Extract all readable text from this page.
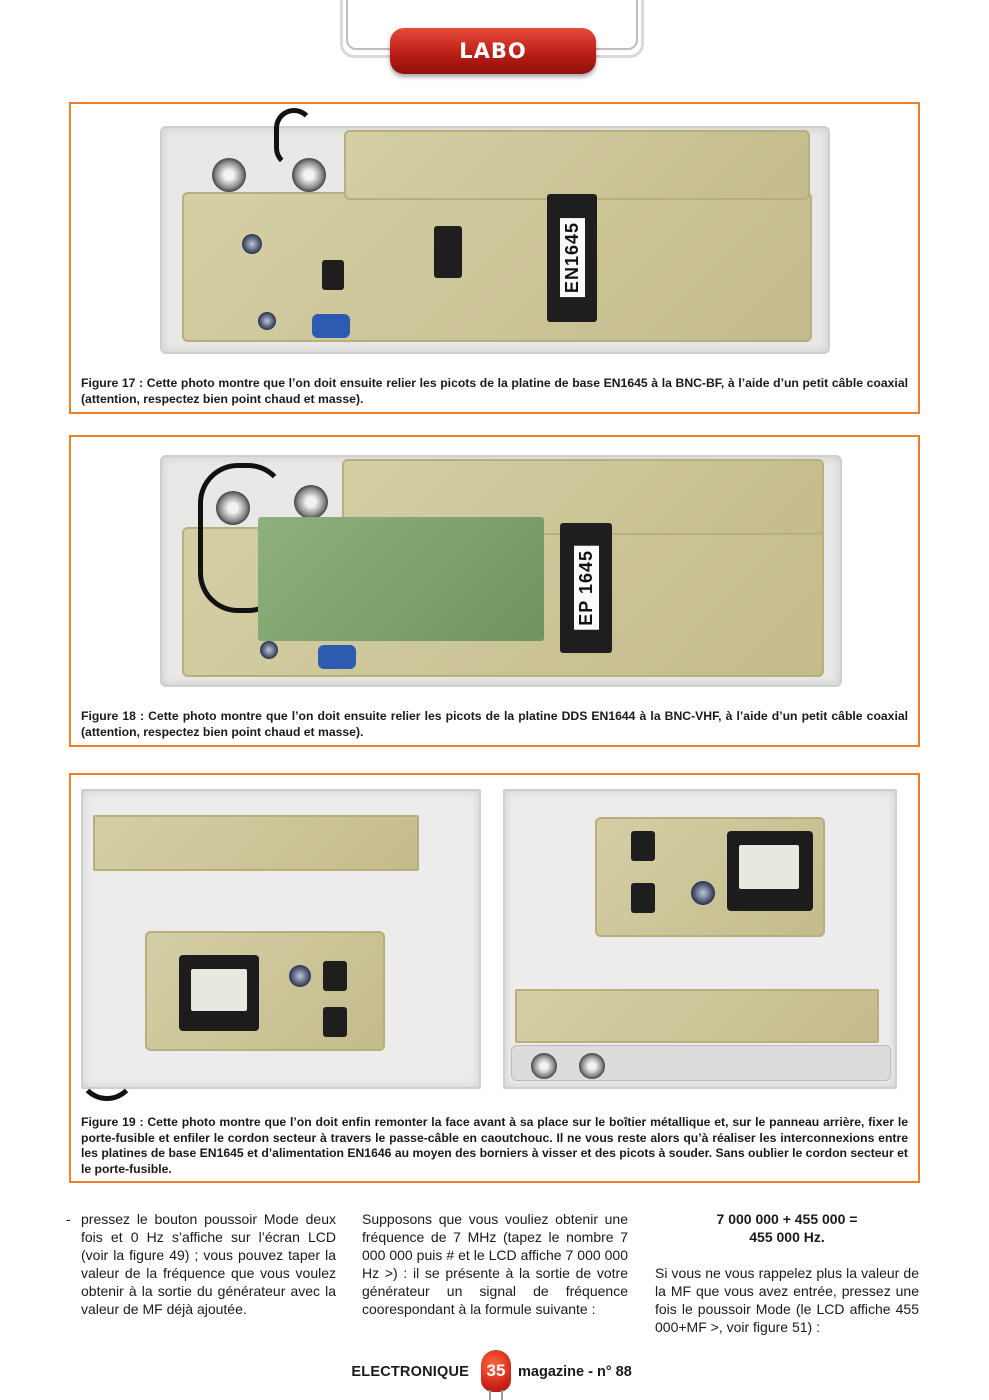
LABO
EN1645
Figure 17 : Cette photo montre que l’on doit ensuite relier les picots de la platine de base EN1645 à la BNC-BF, à l’aide d’un petit câble coaxial (attention, respectez bien point chaud et masse).
EP 1645
Figure 18 : Cette photo montre que l’on doit ensuite relier les picots de la platine DDS EN1644 à la BNC-VHF, à l’aide d’un petit câble coaxial (attention, respectez bien point chaud et masse).
Figure 19 : Cette photo montre que l’on doit enfin remonter la face avant à sa place sur le boîtier métallique et, sur le panneau arrière, fixer le porte-fusible et enfiler le cordon secteur à travers le passe-câble en caoutchouc. Il ne vous reste alors qu’à réaliser les interconnexions entre les platines de base EN1645 et d’alimentation EN1646 au moyen des borniers à visser et des picots à souder. Sans oublier le cordon secteur et le porte-fusible.
- pressez le bouton poussoir Mode deux fois et 0 Hz s’affiche sur l’écran LCD (voir la figure 49) ; vous pouvez taper la valeur de la fréquence que vous voulez obtenir à la sortie du générateur avec la valeur de MF déjà ajoutée.

Supposons que vous vouliez obtenir une fréquence de 7 MHz (tapez le nombre 7 000 000 puis # et le LCD affiche 7 000 000 Hz >) : il se présente à la sortie de votre générateur un signal de fréquence coorespondant à la formule suivante :

7 000 000 + 455 000 =
455 000 Hz.

Si vous ne vous rappelez plus la valeur de la MF que vous avez entrée, pressez une fois le poussoir Mode (le LCD affiche 455 000+MF >, voir figure 51) :

ELECTRONIQUE 35 magazine - n° 88
